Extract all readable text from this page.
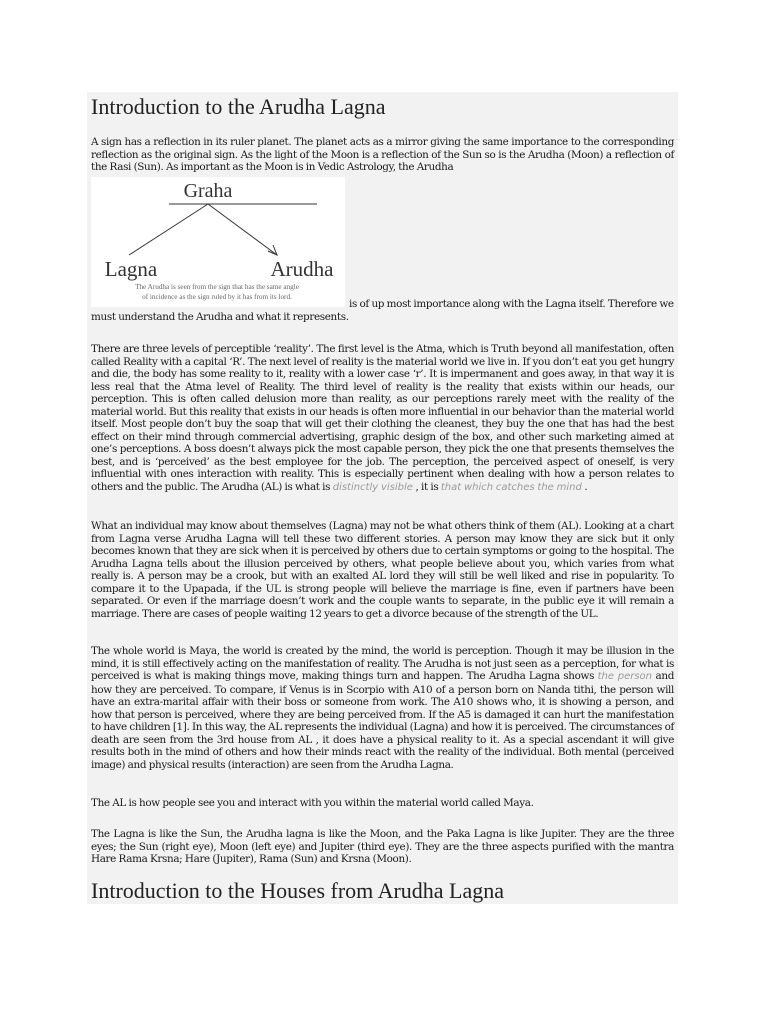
Introduction to the Arudha Lagna

A sign has a reflection in its ruler planet. The planet acts as a mirror giving the same importance to the corresponding reflection as the original sign. As the light of the Moon is a reflection of the Sun so is the Arudha (Moon) a reflection of the Rasi (Sun). As important as the Moon is in Vedic Astrology, the Arudha

Graha
Lagna	Arudha
The Arudha is seen from the sign that has the same angle
of incidence as the sign ruled by it has from its lord.

is of up most importance along with the Lagna itself. Therefore we

must understand the Arudha and what it represents.

There are three levels of perceptible ‘reality’. The first level is the Atma, which is Truth beyond all manifestation, often called Reality with a capital ‘R’. The next level of reality is the material world we live in. If you don’t eat you get hungry and die, the body has some reality to it, reality with a lower case ‘r’. It is impermanent and goes away, in that way it is less real that the Atma level of Reality. The third level of reality is the reality that exists within our heads, our perception. This is often called delusion more than reality, as our perceptions rarely meet with the reality of the material world. But this reality that exists in our heads is often more influential in our behavior than the material world itself. Most people don’t buy the soap that will get their clothing the cleanest, they buy the one that has had the best effect on their mind through commercial advertising, graphic design of the box, and other such marketing aimed at one’s perceptions. A boss doesn’t always pick the most capable person, they pick the one that presents themselves the best, and is ‘perceived’ as the best employee for the job. The perception, the perceived aspect of oneself, is very influential with ones interaction with reality. This is especially pertinent when dealing with how a person relates to others and the public. The Arudha (AL) is what is distinctly visible , it is that which catches the mind .

What an individual may know about themselves (Lagna) may not be what others think of them (AL). Looking at a chart from Lagna verse Arudha Lagna will tell these two different stories. A person may know they are sick but it only becomes known that they are sick when it is perceived by others due to certain symptoms or going to the hospital. The Arudha Lagna tells about the illusion perceived by others, what people believe about you, which varies from what really is. A person may be a crook, but with an exalted AL lord they will still be well liked and rise in popularity. To compare it to the Upapada, if the UL is strong people will believe the marriage is fine, even if partners have been separated. Or even if the marriage doesn’t work and the couple wants to separate, in the public eye it will remain a marriage. There are cases of people waiting 12 years to get a divorce because of the strength of the UL.

The whole world is Maya, the world is created by the mind, the world is perception. Though it may be illusion in the mind, it is still effectively acting on the manifestation of reality. The Arudha is not just seen as a perception, for what is perceived is what is making things move, making things turn and happen. The Arudha Lagna shows the person and how they are perceived. To compare, if Venus is in Scorpio with A10 of a person born on Nanda tithi, the person will have an extra-marital affair with their boss or someone from work. The A10 shows who, it is showing a person, and how that person is perceived, where they are being perceived from. If the A5 is damaged it can hurt the manifestation to have children [1]. In this way, the AL represents the individual (Lagna) and how it is perceived. The circumstances of death are seen from the 3rd house from AL , it does have a physical reality to it. As a special ascendant it will give results both in the mind of others and how their minds react with the reality of the individual. Both mental (perceived image) and physical results (interaction) are seen from the Arudha Lagna.

The AL is how people see you and interact with you within the material world called Maya.

The Lagna is like the Sun, the Arudha lagna is like the Moon, and the Paka Lagna is like Jupiter. They are the three eyes; the Sun (right eye), Moon (left eye) and Jupiter (third eye). They are the three aspects purified with the mantra Hare Rama Krsna; Hare (Jupiter), Rama (Sun) and Krsna (Moon).

Introduction to the Houses from Arudha Lagna
